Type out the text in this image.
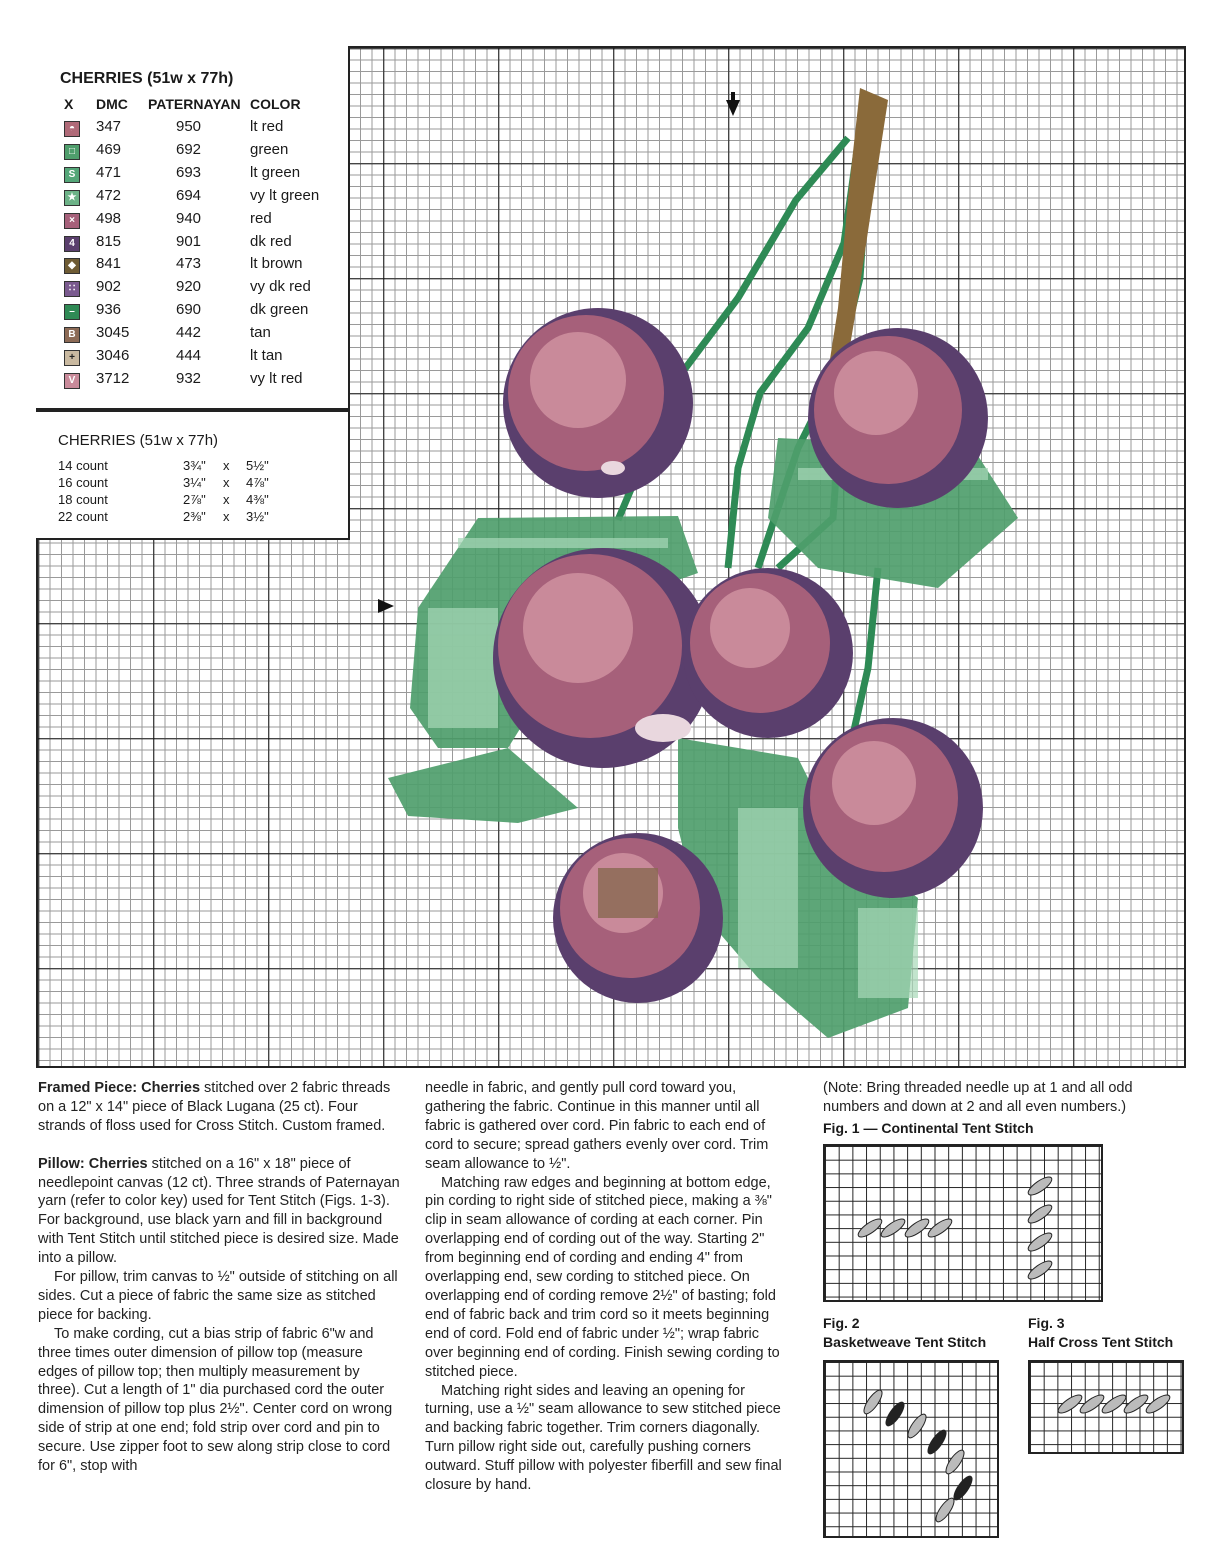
CHERRIES (51w x 77h)
X DMC PATERNAYAN COLOR
◓	347	950	lt red
□	469	692	green
S	471	693	lt green
★ 472	694	vy lt green
×	498	940	red
4	815	901	dk red
◆ 841	473	lt brown
∷	902	920	vy dk red
–	936	690	dk green
B 3045	442	tan
+	3046	444	lt tan
V	3712	932	vy lt red
CHERRIES (51w x 77h)
14 count	3¾" x 5½"
16 count	3¼" x 4⅞"
18 count	2⅞" x 4⅜"
22 count	2⅜" x 3½"

Framed Piece: Cherries stitched over 2 fabric threads on a 12" x 14" piece of Black Lugana (25 ct). Four strands of floss used for Cross Stitch. Custom framed.

Pillow: Cherries stitched on a 16" x 18" piece of needlepoint canvas (12 ct). Three strands of Paternayan yarn (refer to color key) used for Tent Stitch (Figs. 1-3). For background, use black yarn and fill in background with Tent Stitch until stitched piece is desired size. Made into a pillow.

For pillow, trim canvas to ½" outside of stitching on all sides. Cut a piece of fabric the same size as stitched piece for backing.

To make cording, cut a bias strip of fabric 6"w and three times outer dimension of pillow top (measure edges of pillow top; then multiply measurement by three). Cut a length of 1" dia purchased cord the outer dimension of pillow top plus 2½". Center cord on wrong side of strip at one end; fold strip over cord and pin to secure. Use zipper foot to sew along strip close to cord for 6", stop with

needle in fabric, and gently pull cord toward you, gathering the fabric. Continue in this manner until all fabric is gathered over cord. Pin fabric to each end of cord to secure; spread gathers evenly over cord. Trim seam allowance to ½".

Matching raw edges and beginning at bottom edge, pin cording to right side of stitched piece, making a ⅜" clip in seam allowance of cording at each corner. Pin overlapping end of cording out of the way. Starting 2" from beginning end of cording and ending 4" from overlapping end, sew cording to stitched piece. On overlapping end of cording remove 2½" of basting; fold end of fabric back and trim cord so it meets beginning end of cord. Fold end of fabric under ½"; wrap fabric over beginning end of cording. Finish sewing cording to stitched piece.

Matching right sides and leaving an opening for turning, use a ½" seam allowance to sew stitched piece and backing fabric together. Trim corners diagonally. Turn pillow right side out, carefully pushing corners outward. Stuff pillow with polyester fiberfill and sew final closure by hand.

(Note: Bring threaded needle up at 1 and all odd numbers and down at 2 and all even numbers.)
Fig. 1 — Continental Tent Stitch
Fig. 2
Basketweave Tent Stitch
Fig. 3
Half Cross Tent Stitch
